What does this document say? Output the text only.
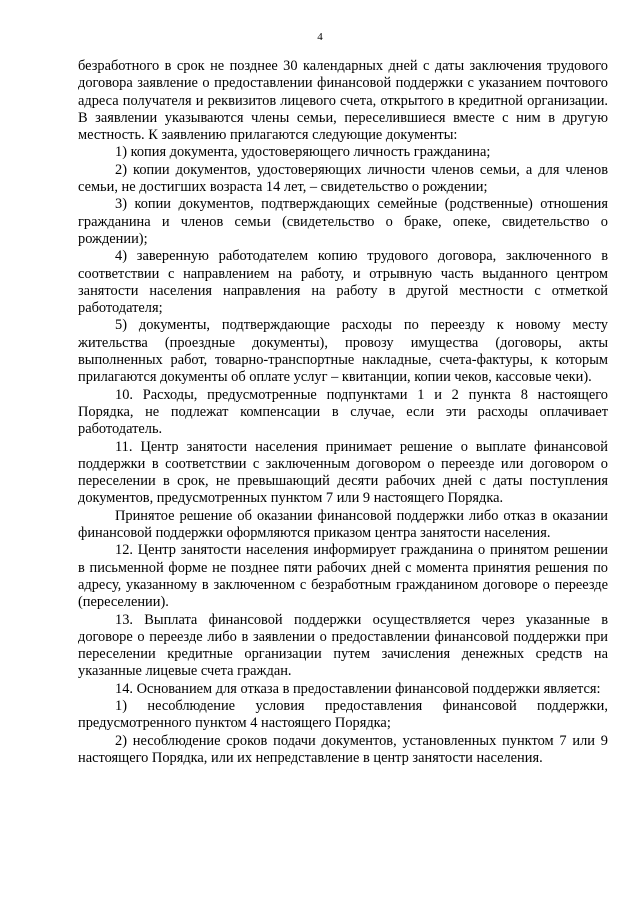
4

безработного в срок не позднее 30 календарных дней с даты заключения трудового договора заявление о предоставлении финансовой поддержки с указанием почтового адреса получателя и реквизитов лицевого счета, открытого в кредитной организации. В заявлении указываются члены семьи, переселившиеся вместе с ним в другую местность. К заявлению прилагаются следующие документы:

1) копия документа, удостоверяющего личность гражданина;

2) копии документов, удостоверяющих личности членов семьи, а для членов семьи, не достигших возраста 14 лет, – свидетельство о рождении;

3) копии документов, подтверждающих семейные (родственные) отношения гражданина и членов семьи (свидетельство о браке, опеке, свидетельство о рождении);

4) заверенную работодателем копию трудового договора, заключенного в соответствии с направлением на работу, и отрывную часть выданного центром занятости населения направления на работу в другой местности с отметкой работодателя;

5) документы, подтверждающие расходы по переезду к новому месту жительства (проездные документы), провозу имущества (договоры, акты выполненных работ, товарно-транспортные накладные, счета-фактуры, к которым прилагаются документы об оплате услуг – квитанции, копии чеков, кассовые чеки).

10. Расходы, предусмотренные подпунктами 1 и 2 пункта 8 настоящего Порядка, не подлежат компенсации в случае, если эти расходы оплачивает работодатель.

11. Центр занятости населения принимает решение о выплате финансовой поддержки в соответствии с заключенным договором о переезде или договором о переселении в срок, не превышающий десяти рабочих дней с даты поступления документов, предусмотренных пунктом 7 или 9 настоящего Порядка.

Принятое решение об оказании финансовой поддержки либо отказ в оказании финансовой поддержки оформляются приказом центра занятости населения.

12. Центр занятости населения информирует гражданина о принятом решении в письменной форме не позднее пяти рабочих дней с момента принятия решения по адресу, указанному в заключенном с безработным гражданином договоре о переезде (переселении).

13. Выплата финансовой поддержки осуществляется через указанные в договоре о переезде либо в заявлении о предоставлении финансовой поддержки при переселении кредитные организации путем зачисления денежных средств на указанные лицевые счета граждан.

14. Основанием для отказа в предоставлении финансовой поддержки является:

1) несоблюдение условия предоставления финансовой поддержки, предусмотренного пунктом 4 настоящего Порядка;

2) несоблюдение сроков подачи документов, установленных пунктом 7 или 9 настоящего Порядка, или их непредставление в центр занятости населения.
